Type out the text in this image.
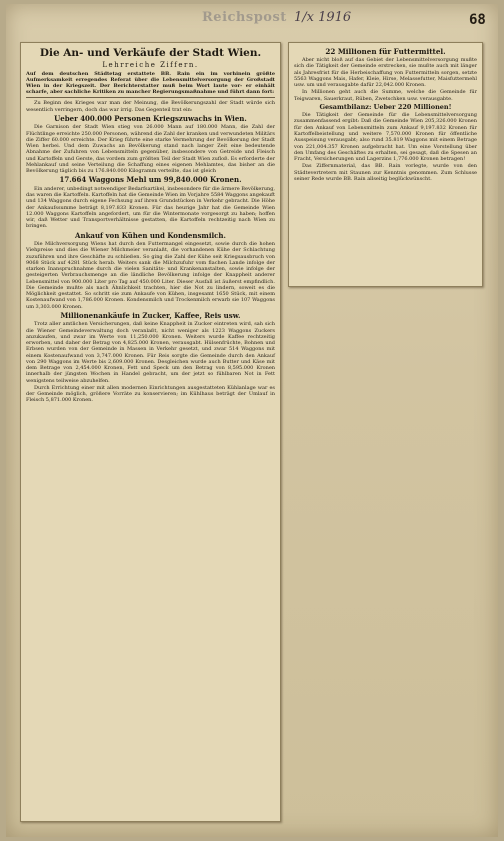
Reichspost 1/x 1916	68
Die An- und Verkäufe der Stadt Wien.
Lehrreiche Ziffern.
Auf dem deutschen Städtetag erstattete BB. Rain ein im vorhinein größte Aufmerksamkeit erregendes Referat über die Lebensmittelversorgung der Großstadt Wien in der Kriegszeit. Der Berichterstatter muß beim Wort laute vor- er einhält scharfe, aber sachliche Kritiken zu mancher Regierungsmaßnahme und führt dann fort:

Zu Beginn des Krieges war man der Meinung, die Bevölkerungszahl der Stadt würde sich wesentlich verringern, doch das war irrig. Das Gegenteil trat ein:

Ueber 400.000 Personen Kriegszuwachs in Wien.

Die Garnison der Stadt Wien stieg von 26.000 Mann auf 180.000 Mann, die Zahl der Flüchtlinge erreichte 250.000 Personen, während die Zahl der kranken und verwundeten Militärs die Ziffer 60.000 erreichte. Der Krieg führte eine starke Vermehrung der Bevölkerung der Stadt Wien herbei. Und dem Zuwachs an Bevölkerung stand nach langer Zeit eine bedeutende Abnahme der Zufuhren von Lebensmitteln gegenüber, insbesondere von Getreide und Fleisch und Kartoffeln und Gerste, das vordem zum größten Teil der Stadt Wien zufloß. Es erforderte der Mehlankauf und seine Verteilung die Schaffung eines eigenen Mehlamtes, das bisher an die Bevölkerung täglich bis zu 176.840.000 Kilogramm verteilte, das ist gleich

17.664 Waggons Mehl um 99,840.000 Kronen.

Ein anderer, unbedingt notwendiger Bedarfsartikel, insbesondere für die ärmere Bevölkerung, das waren die Kartoffeln. Kartoffeln hat die Gemeinde Wien im Vorjahre 5584 Waggons angekauft und 134 Waggons durch eigene Fechsung auf ihren Grundstücken in Verkehr gebracht. Die Höhe der Ankaufssumme beträgt 8,197.833 Kronen. Für das heurige Jahr hat die Gemeinde Wien 12.000 Waggons Kartoffeln angefordert, um für die Wintermonate vorgesorgt zu haben; hoffen wir, daß Wetter und Transportverhältnisse gestatten, die Kartoffeln rechtzeitig nach Wien zu bringen.

Ankauf von Kühen und Kondensmilch.

Die Milchversorgung Wiens hat durch den Futtermangel eingesetzt, sowie durch die hohen Viehpreise und dies die Wiener Milchmeier veranlaßt, die vorhandenen Kühe der Schlachtung zuzuführen und ihre Geschäfte zu schließen. So ging die Zahl der Kühe seit Kriegsausbruch von 9068 Stück auf 4281 Stück herab. Weiters sank die Milchzufuhr vom flachen Lande infolge der starken Inanspruchnahme durch die vielen Sanitäts- und Krankenanstalten, sowie infolge der gesteigerten Verbrauchsmenge an die ländliche Bevölkerung infolge der Knappheit anderer Lebensmittel von 900.000 Liter pro Tag auf 450.000 Liter. Dieser Ausfall ist äußerst empfindlich. Die Gemeinde mußte als nach Ähnlichkeit trachten, hier die Not zu lindern, soweit es die Möglichkeit gestattet. So schritt sie zum Ankaufe von Kühen, insgesamt 1650 Stück, mit einem Kostenaufwand von 1,786.000 Kronen. Kondensmilch und Trockenmilch erwarb sie 107 Waggons um 3,303.000 Kronen.

Millionenankäufe in Zucker, Kaffee, Reis usw.

Trotz aller amtlichen Versicherungen, daß keine Knappheit in Zucker eintreten wird, sah sich die Wiener Gemeindeverwaltung doch veranlaßt, nicht weniger als 1223 Waggons Zuckers anzukaufen, und zwar im Werte von 11,250.000 Kronen. Weiters wurde Kaffee rechtzeitig erworben, und daher der Betrag von 4,825.000 Kronen, verausgabt. Hülsenfrüchte, Bohnen und Erbsen wurden von der Gemeinde in Massen in Verkehr gesetzt, und zwar 514 Waggons mit einem Kostenaufwand von 3,747.000 Kronen. Für Reis sorgte die Gemeinde durch den Ankauf von 290 Waggons im Werte bis 2,609.000 Kronen. Desgleichen wurde auch Butter und Käse mit dem Betrage von 2,454.000 Kronen, Fett und Speck um den Betrag von 8,595.000 Kronen innerhalb der jüngsten Wochen in Handel gebracht, um der jetzt so fühlbaren Not in Fett wenigstens teilweise abzuhelfen.

Durch Errichtung einer mit allen modernen Einrichtungen ausgestatteten Kühlanlage war es der Gemeinde möglich, größere Vorräte zu konservieren; im Kühlhaus beträgt der Umlauf in Fleisch 5,871.000 Kronen.

22 Millionen für Futtermittel.

Aber nicht bloß auf das Gebiet der Lebensmittelversorgung mußte sich die Tätigkeit der Gemeinde erstrecken, sie mußte auch mit länger als Jahresfrist für die Herbeischaffung von Futtermitteln sorgen, setzte 5563 Waggons Mais, Hafer, Kleie, Hirse, Melassefutter, Maisfuttermehl usw. um und verausgabte dafür 22,042.000 Kronen.

In Millionen geht auch die Summe, welche die Gemeinde für Teigwaren, Sauerkraut, Rüben, Zwetschken usw. verausgabte.

Gesamtbilanz: Ueber 220 Millionen!

Die Tätigkeit der Gemeinde für die Lebensmittelversorgung zusammenfassend ergibt: Daß die Gemeinde Wien 205,326.000 Kronen für den Ankauf von Lebensmitteln zum Ankauf 9,197.832 Kronen für Kartoffelbeistellung und weitere 7,570.000 Kronen für öffentliche Ausspeisung verausgabt; also rund 35.819 Waggons mit einem Betrage von 221,004.357 Kronen aufgebracht hat. Um eine Vorstellung über den Umfang des Geschäftes zu erhalten, sei gesagt, daß die Spesen an Fracht, Versicherungen und Lagerzins 1,776.000 Kronen betragen!

Das Ziffernmaterial, das BB. Rain vorlegte, wurde von den Städtevertretern mit Staunen zur Kenntnis genommen. Zum Schlusse seiner Rede wurde BB. Rain allseitig beglückwünscht.
